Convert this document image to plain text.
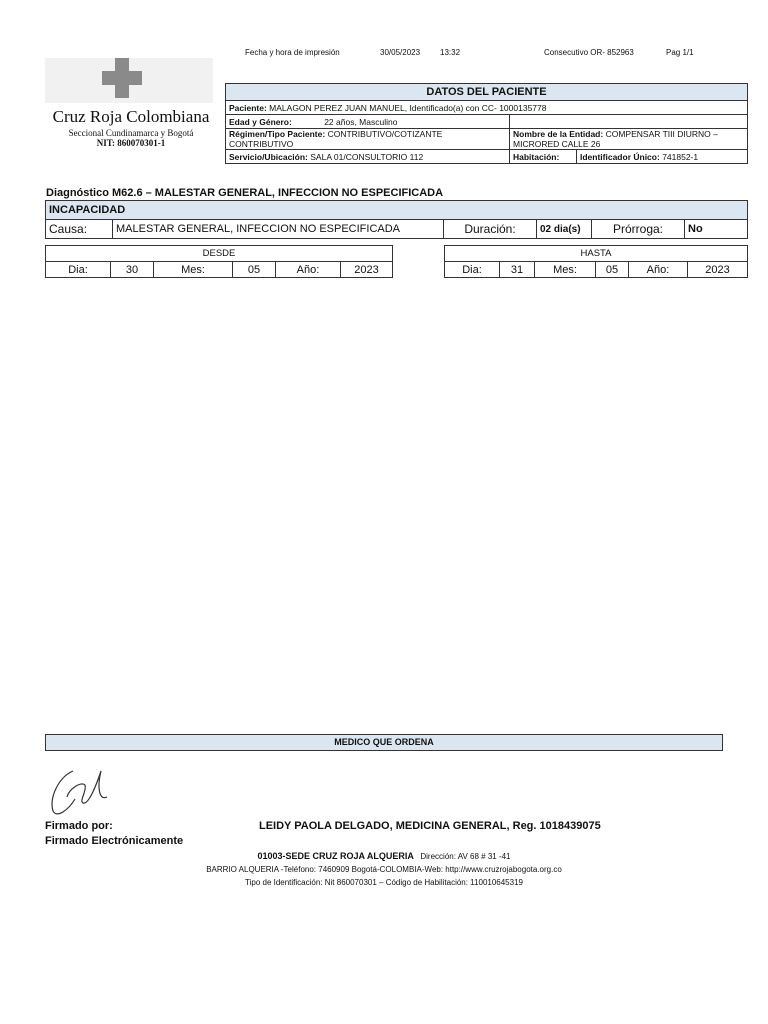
Fecha y hora de impresión	30/05/2023 13:32	Consecutivo OR- 852963	Pag 1/1
Cruz Roja Colombiana
Seccional Cundinamarca y Bogotá
NIT: 860070301-1
DATOS DEL PACIENTE		
Paciente: MALAGON PEREZ JUAN MANUEL, Identificado(a) con CC- 1000135778		
Edad y Género: 22 años, Masculino		
Régimen/Tipo Paciente: CONTRIBUTIVO/COTIZANTE CONTRIBUTIVO	Nombre de la Entidad: COMPENSAR TIII DIURNO – MICRORED CALLE 26	
Servicio/Ubicación: SALA 01/CONSULTORIO 112	Habitación:	Identificador Único: 741852-1
Diagnóstico M62.6 – MALESTAR GENERAL, INFECCION NO ESPECIFICADA
INCAPACIDAD
Causa:	MALESTAR GENERAL, INFECCION NO ESPECIFICADA	Duración:	02 dia(s)	Prórroga:	No
DESDE
Dia:	30	Mes:	05	Año:	2023
HASTA
Dia:	31	Mes:	05	Año:	2023
MEDICO QUE ORDENA
Firmado por:
Firmado Electrónicamente
LEIDY PAOLA DELGADO, MEDICINA GENERAL, Reg. 1018439075
01003-SEDE CRUZ ROJA ALQUERIA Dirección: AV 68 # 31 -41
BARRIO ALQUERIA -Teléfono: 7460909 Bogotá-COLOMBIA-Web: http://www.cruzrojabogota.org.co
Tipo de Identificación: Nit 860070301 – Código de Habilitación: 110010645319
